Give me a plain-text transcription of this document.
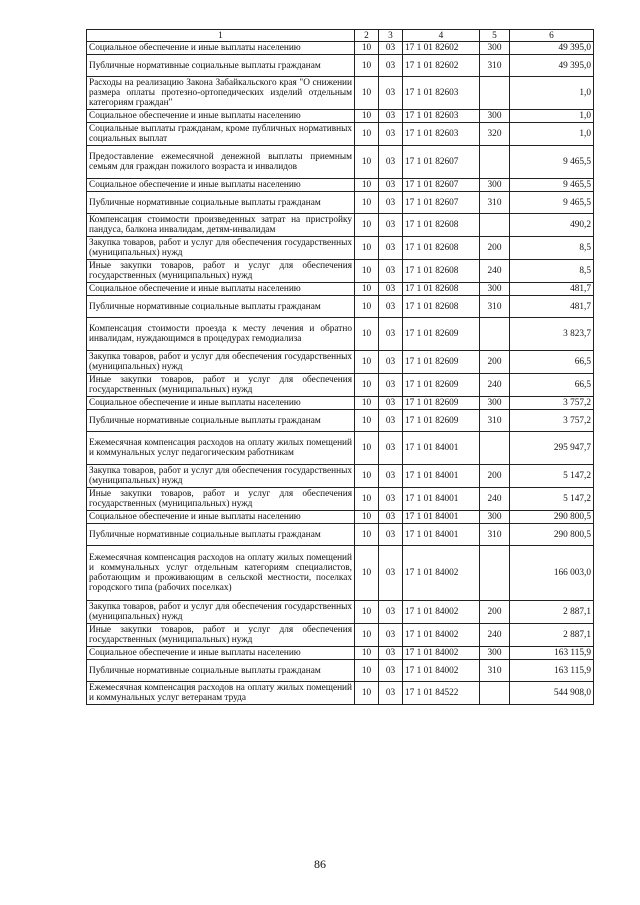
1	2	3	4	5	6
Социальное обеспечение и иные выплаты населению	10	03	17 1 01 82602	300	49 395,0
Публичные нормативные социальные выплаты гражданам	10	03	17 1 01 82602	310	49 395,0
Расходы на реализацию Закона Забайкальского края "О снижении размера оплаты протезно-ортопедических изделий отдельным категориям граждан"	10	03	17 1 01 82603		1,0
Социальное обеспечение и иные выплаты населению	10	03	17 1 01 82603	300	1,0
Социальные выплаты гражданам, кроме публичных нормативных социальных выплат	10	03	17 1 01 82603	320	1,0
Предоставление ежемесячной денежной выплаты приемным семьям для граждан пожилого возраста и инвалидов	10	03	17 1 01 82607		9 465,5
Социальное обеспечение и иные выплаты населению	10	03	17 1 01 82607	300	9 465,5
Публичные нормативные социальные выплаты гражданам	10	03	17 1 01 82607	310	9 465,5
Компенсация стоимости произведенных затрат на пристройку пандуса, балкона инвалидам, детям-инвалидам	10	03	17 1 01 82608		490,2
Закупка товаров, работ и услуг для обеспечения государственных (муниципальных) нужд	10	03	17 1 01 82608	200	8,5
Иные закупки товаров, работ и услуг для обеспечения государственных (муниципальных) нужд	10	03	17 1 01 82608	240	8,5
Социальное обеспечение и иные выплаты населению	10	03	17 1 01 82608	300	481,7
Публичные нормативные социальные выплаты гражданам	10	03	17 1 01 82608	310	481,7
Компенсация стоимости проезда к месту лечения и обратно инвалидам, нуждающимся в процедурах гемодиализа	10	03	17 1 01 82609		3 823,7
Закупка товаров, работ и услуг для обеспечения государственных (муниципальных) нужд	10	03	17 1 01 82609	200	66,5
Иные закупки товаров, работ и услуг для обеспечения государственных (муниципальных) нужд	10	03	17 1 01 82609	240	66,5
Социальное обеспечение и иные выплаты населению	10	03	17 1 01 82609	300	3 757,2
Публичные нормативные социальные выплаты гражданам	10	03	17 1 01 82609	310	3 757,2
Ежемесячная компенсация расходов на оплату жилых помещений и коммунальных услуг педагогическим работникам	10	03	17 1 01 84001		295 947,7
Закупка товаров, работ и услуг для обеспечения государственных (муниципальных) нужд	10	03	17 1 01 84001	200	5 147,2
Иные закупки товаров, работ и услуг для обеспечения государственных (муниципальных) нужд	10	03	17 1 01 84001	240	5 147,2
Социальное обеспечение и иные выплаты населению	10	03	17 1 01 84001	300	290 800,5
Публичные нормативные социальные выплаты гражданам	10	03	17 1 01 84001	310	290 800,5
Ежемесячная компенсация расходов на оплату жилых помещений и коммунальных услуг отдельным категориям специалистов, работающим и проживающим в сельской местности, поселках городского типа (рабочих поселках)	10	03	17 1 01 84002		166 003,0
Закупка товаров, работ и услуг для обеспечения государственных (муниципальных) нужд	10	03	17 1 01 84002	200	2 887,1
Иные закупки товаров, работ и услуг для обеспечения государственных (муниципальных) нужд	10	03	17 1 01 84002	240	2 887,1
Социальное обеспечение и иные выплаты населению	10	03	17 1 01 84002	300	163 115,9
Публичные нормативные социальные выплаты гражданам	10	03	17 1 01 84002	310	163 115,9
Ежемесячная компенсация расходов на оплату жилых помещений и коммунальных услуг ветеранам труда	10	03	17 1 01 84522		544 908,0
86
